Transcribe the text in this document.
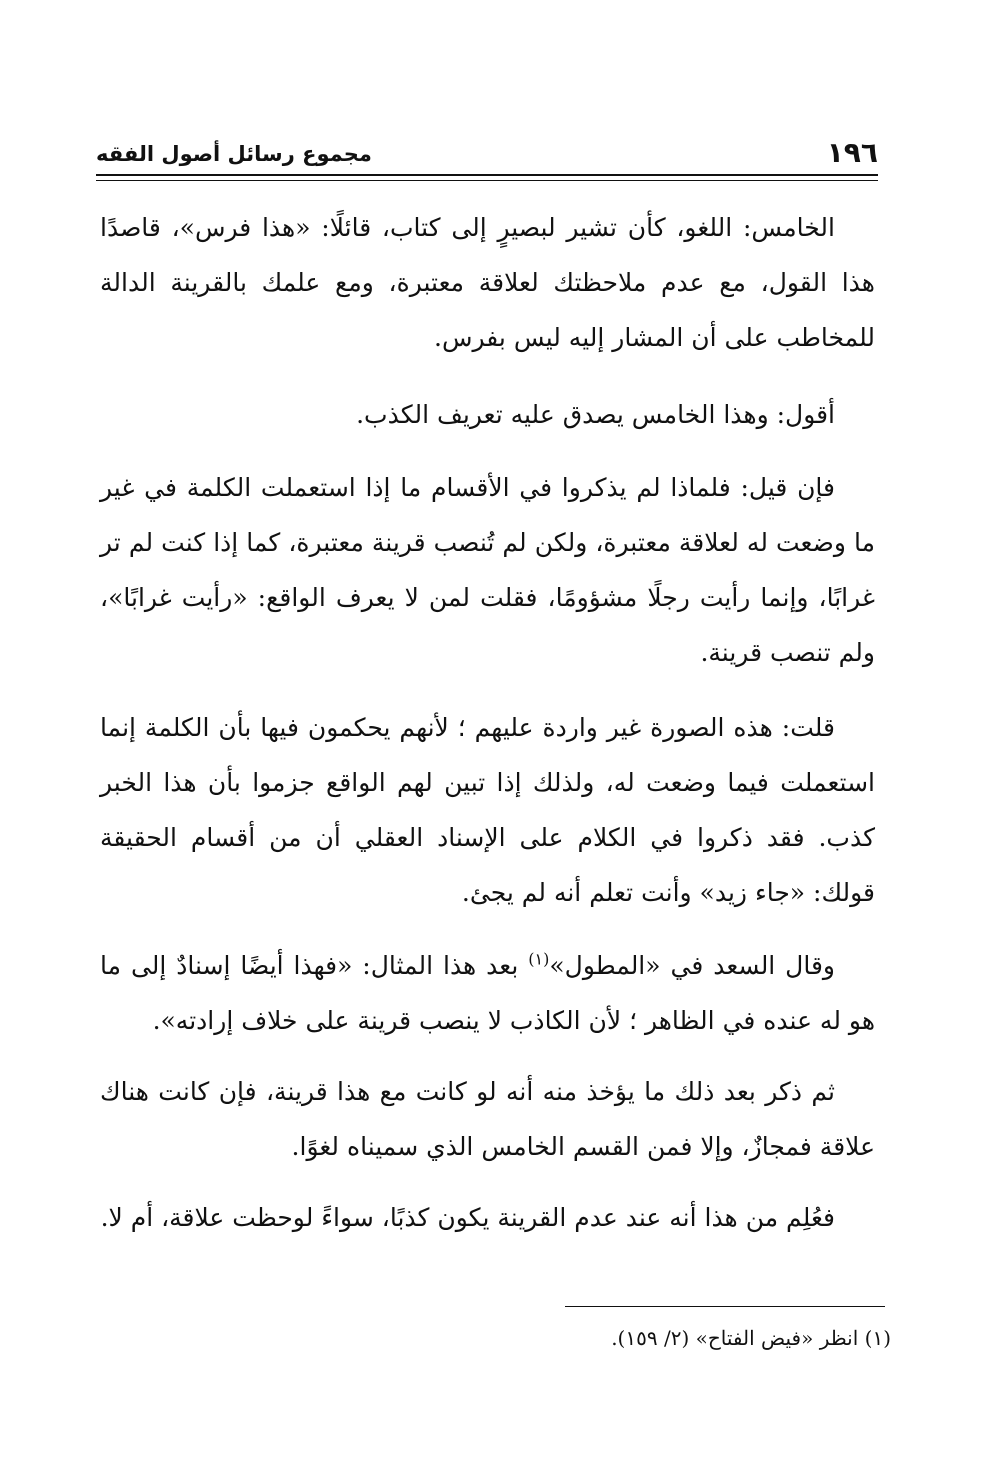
١٩٦
مجموع رسائل أصول الفقه

الخامس: اللغو، كأن تشير لبصيرٍ إلى كتاب، قائلًا: «هذا فرس»، قاصدًا هذا القول، مع عدم ملاحظتك لعلاقة معتبرة، ومع علمك بالقرينة الدالة للمخاطب على أن المشار إليه ليس بفرس.

أقول: وهذا الخامس يصدق عليه تعريف الكذب.

فإن قيل: فلماذا لم يذكروا في الأقسام ما إذا استعملت الكلمة في غير ما وضعت له لعلاقة معتبرة، ولكن لم تُنصب قرينة معتبرة، كما إذا كنت لم تر غرابًا، وإنما رأيت رجلًا مشؤومًا، فقلت لمن لا يعرف الواقع: «رأيت غرابًا»، ولم تنصب قرينة.

قلت: هذه الصورة غير واردة عليهم ؛ لأنهم يحكمون فيها بأن الكلمة إنما استعملت فيما وضعت له، ولذلك إذا تبين لهم الواقع جزموا بأن هذا الخبر كذب. فقد ذكروا في الكلام على الإسناد العقلي أن من أقسام الحقيقة قولك: «جاء زيد» وأنت تعلم أنه لم يجئ.

وقال السعد في «المطول»$^{(١)}$ بعد هذا المثال: «فهذا أيضًا إسنادٌ إلى ما هو له عنده في الظاهر ؛ لأن الكاذب لا ينصب قرينة على خلاف إرادته».

ثم ذكر بعد ذلك ما يؤخذ منه أنه لو كانت مع هذا قرينة، فإن كانت هناك علاقة فمجازٌ، وإلا فمن القسم الخامس الذي سميناه لغوًا.

فعُلِم من هذا أنه عند عدم القرينة يكون كذبًا، سواءً لوحظت علاقة، أم لا.

(١) انظر «فيض الفتاح» (٢/ ١٥٩).
